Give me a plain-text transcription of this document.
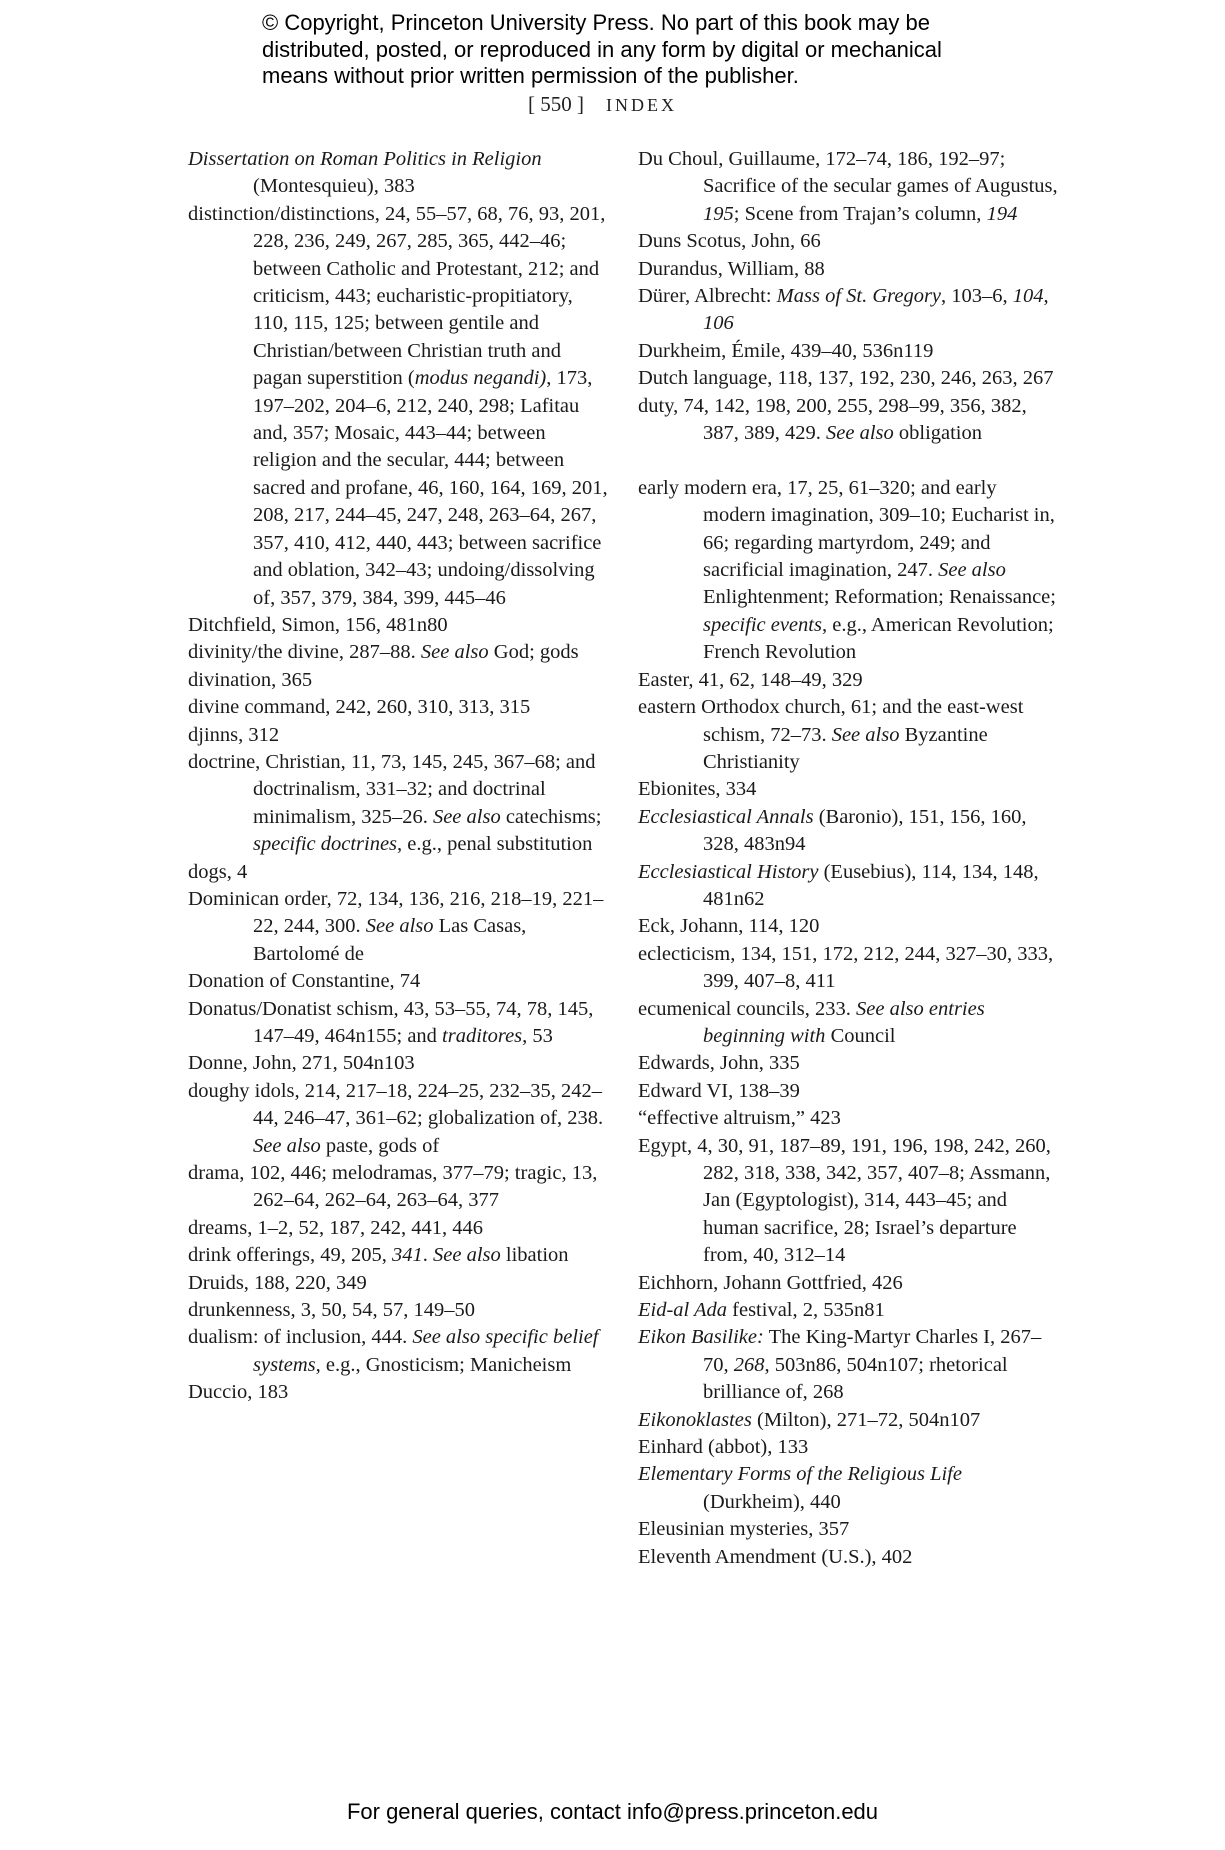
© Copyright, Princeton University Press. No part of this book may be
distributed, posted, or reproduced in any form by digital or mechanical
means without prior written permission of the publisher.
[ 550 ] INDEX
Dissertation on Roman Politics in Religion (Montesquieu), 383
distinction/distinctions, 24, 55–57, 68, 76, 93, 201, 228, 236, 249, 267, 285, 365, 442–46; between Catholic and Protestant, 212; and criticism, 443; eucharistic-propitiatory, 110, 115, 125; between gentile and Christian/between Christian truth and pagan superstition (modus negandi), 173, 197–202, 204–6, 212, 240, 298; Lafitau and, 357; Mosaic, 443–44; between religion and the secular, 444; between sacred and profane, 46, 160, 164, 169, 201, 208, 217, 244–45, 247, 248, 263–64, 267, 357, 410, 412, 440, 443; between sacrifice and oblation, 342–43; undoing/dissolving of, 357, 379, 384, 399, 445–46
Ditchfield, Simon, 156, 481n80
divinity/the divine, 287–88. See also God; gods
divination, 365
divine command, 242, 260, 310, 313, 315
djinns, 312
doctrine, Christian, 11, 73, 145, 245, 367–68; and doctrinalism, 331–32; and doctrinal minimalism, 325–26. See also catechisms; specific doctrines, e.g., penal substitution
dogs, 4
Dominican order, 72, 134, 136, 216, 218–19, 221–22, 244, 300. See also Las Casas, Bartolomé de
Donation of Constantine, 74
Donatus/Donatist schism, 43, 53–55, 74, 78, 145, 147–49, 464n155; and traditores, 53
Donne, John, 271, 504n103
doughy idols, 214, 217–18, 224–25, 232–35, 242–44, 246–47, 361–62; globalization of, 238. See also paste, gods of
drama, 102, 446; melodramas, 377–79; tragic, 13, 262–64, 262–64, 263–64, 377
dreams, 1–2, 52, 187, 242, 441, 446
drink offerings, 49, 205, 341. See also libation
Druids, 188, 220, 349
drunkenness, 3, 50, 54, 57, 149–50
dualism: of inclusion, 444. See also specific belief systems, e.g., Gnosticism; Manicheism
Duccio, 183
Du Choul, Guillaume, 172–74, 186, 192–97; Sacrifice of the secular games of Augustus, 195; Scene from Trajan’s column, 194
Duns Scotus, John, 66
Durandus, William, 88
Dürer, Albrecht: Mass of St. Gregory, 103–6, 104, 106
Durkheim, Émile, 439–40, 536n119
Dutch language, 118, 137, 192, 230, 246, 263, 267
duty, 74, 142, 198, 200, 255, 298–99, 356, 382, 387, 389, 429. See also obligation
early modern era, 17, 25, 61–320; and early modern imagination, 309–10; Eucharist in, 66; regarding martyrdom, 249; and sacrificial imagination, 247. See also Enlightenment; Reformation; Renaissance; specific events, e.g., American Revolution; French Revolution
Easter, 41, 62, 148–49, 329
eastern Orthodox church, 61; and the east-west schism, 72–73. See also Byzantine Christianity
Ebionites, 334
Ecclesiastical Annals (Baronio), 151, 156, 160, 328, 483n94
Ecclesiastical History (Eusebius), 114, 134, 148, 481n62
Eck, Johann, 114, 120
eclecticism, 134, 151, 172, 212, 244, 327–30, 333, 399, 407–8, 411
ecumenical councils, 233. See also entries beginning with Council
Edwards, John, 335
Edward VI, 138–39
“effective altruism,” 423
Egypt, 4, 30, 91, 187–89, 191, 196, 198, 242, 260, 282, 318, 338, 342, 357, 407–8; Assmann, Jan (Egyptologist), 314, 443–45; and human sacrifice, 28; Israel’s departure from, 40, 312–14
Eichhorn, Johann Gottfried, 426
Eid-al Ada festival, 2, 535n81
Eikon Basilike: The King-Martyr Charles I, 267–70, 268, 503n86, 504n107; rhetorical brilliance of, 268
Eikonoklastes (Milton), 271–72, 504n107
Einhard (abbot), 133
Elementary Forms of the Religious Life (Durkheim), 440
Eleusinian mysteries, 357
Eleventh Amendment (U.S.), 402
For general queries, contact info@press.princeton.edu
